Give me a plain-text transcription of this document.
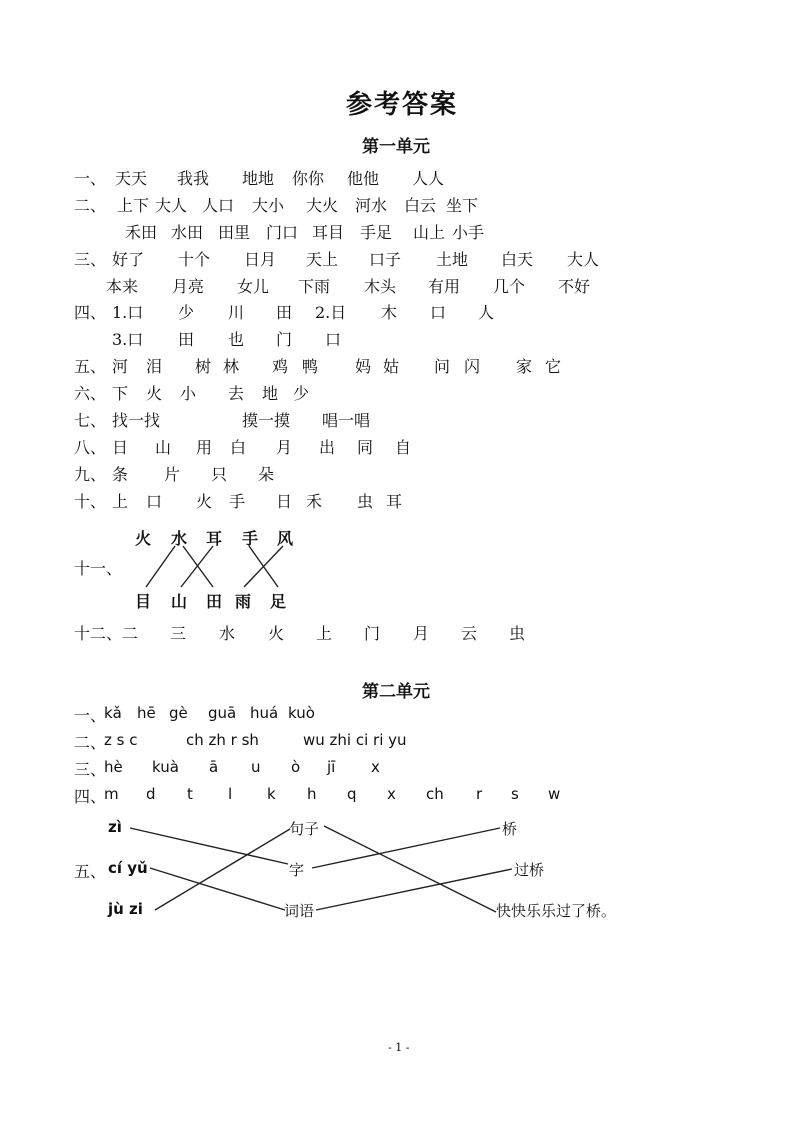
参考答案
第一单元
一、 天天 我我 地地 你你 他他 人人
二、 上下 大人 人口 大小 大火 河水 白云 坐下
禾田 水田 田里 门口 耳目 手足 山上 小手
三、 好了 十个 日月 天上 口子 土地 白天 大人
本来 月亮 女儿 下雨 木头 有用 几个 不好
四、 1.口 少 川 田 2.日 木 口 人
3.口 田 也 门 口
五、 河 泪 树 林 鸡 鸭 妈 姑 问 闪 家 它
六、 下 火 小 去 地 少
七、 找一找	摸一摸 唱一唱
八、 日 山 用 白 月 出 同 自
九、 条 片 只 朵
十、 上 口 火 手 日 禾 虫 耳
十一、
火 水 耳 手 风
目 山 田 雨 足
十二、 二 三 水 火 上 门 月 云 虫
第二单元
一、
kǎ hē gè guā huá kuò
二、
z s c	ch zh r sh	wu zhi ci ri yu
三、
hè kuà ā u ò jī x
四、
m d t l k h q x ch r s w
五、
zì
cí yǔ
jù zi
句子
字
词语
桥
过桥
快快乐乐过了桥。
- 1 -
